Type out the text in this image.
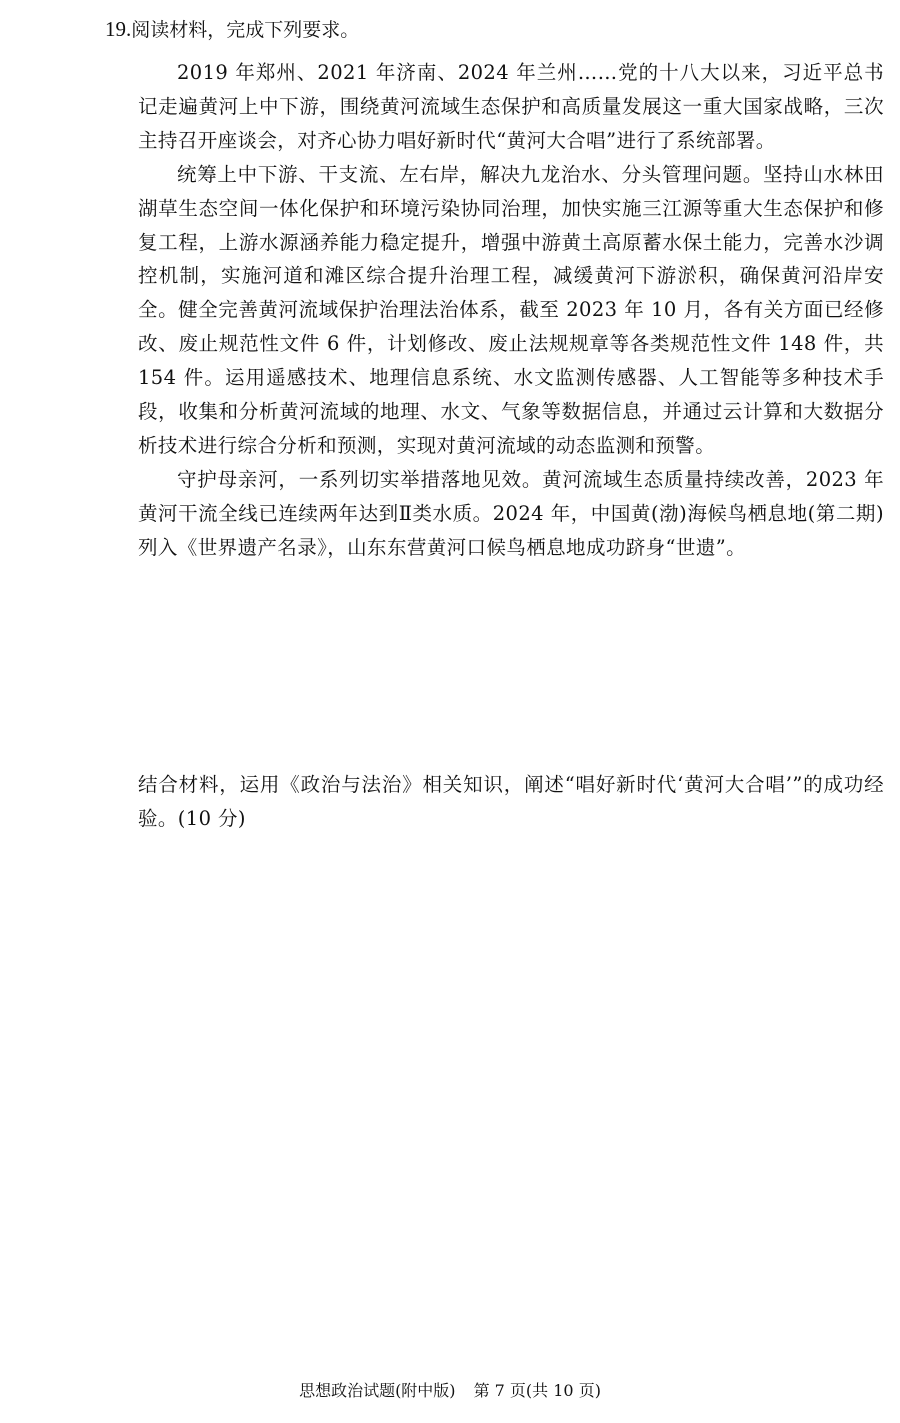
19.阅读材料，完成下列要求。

2019 年郑州、2021 年济南、2024 年兰州……党的十八大以来，习近平总书记走遍黄河上中下游，围绕黄河流域生态保护和高质量发展这一重大国家战略，三次主持召开座谈会，对齐心协力唱好新时代“黄河大合唱”进行了系统部署。

统筹上中下游、干支流、左右岸，解决九龙治水、分头管理问题。坚持山水林田湖草生态空间一体化保护和环境污染协同治理，加快实施三江源等重大生态保护和修复工程，上游水源涵养能力稳定提升，增强中游黄土高原蓄水保土能力，完善水沙调控机制，实施河道和滩区综合提升治理工程，减缓黄河下游淤积，确保黄河沿岸安全。健全完善黄河流域保护治理法治体系，截至 2023 年 10 月，各有关方面已经修改、废止规范性文件 6 件，计划修改、废止法规规章等各类规范性文件 148 件，共 154 件。运用遥感技术、地理信息系统、水文监测传感器、人工智能等多种技术手段，收集和分析黄河流域的地理、水文、气象等数据信息，并通过云计算和大数据分析技术进行综合分析和预测，实现对黄河流域的动态监测和预警。

守护母亲河，一系列切实举措落地见效。黄河流域生态质量持续改善，2023 年黄河干流全线已连续两年达到Ⅱ类水质。2024 年，中国黄(渤)海候鸟栖息地(第二期)列入《世界遗产名录》，山东东营黄河口候鸟栖息地成功跻身“世遗”。

结合材料，运用《政治与法治》相关知识，阐述“唱好新时代‘黄河大合唱’”的成功经验。(10 分)

思想政治试题(附中版) 第 7 页(共 10 页)
